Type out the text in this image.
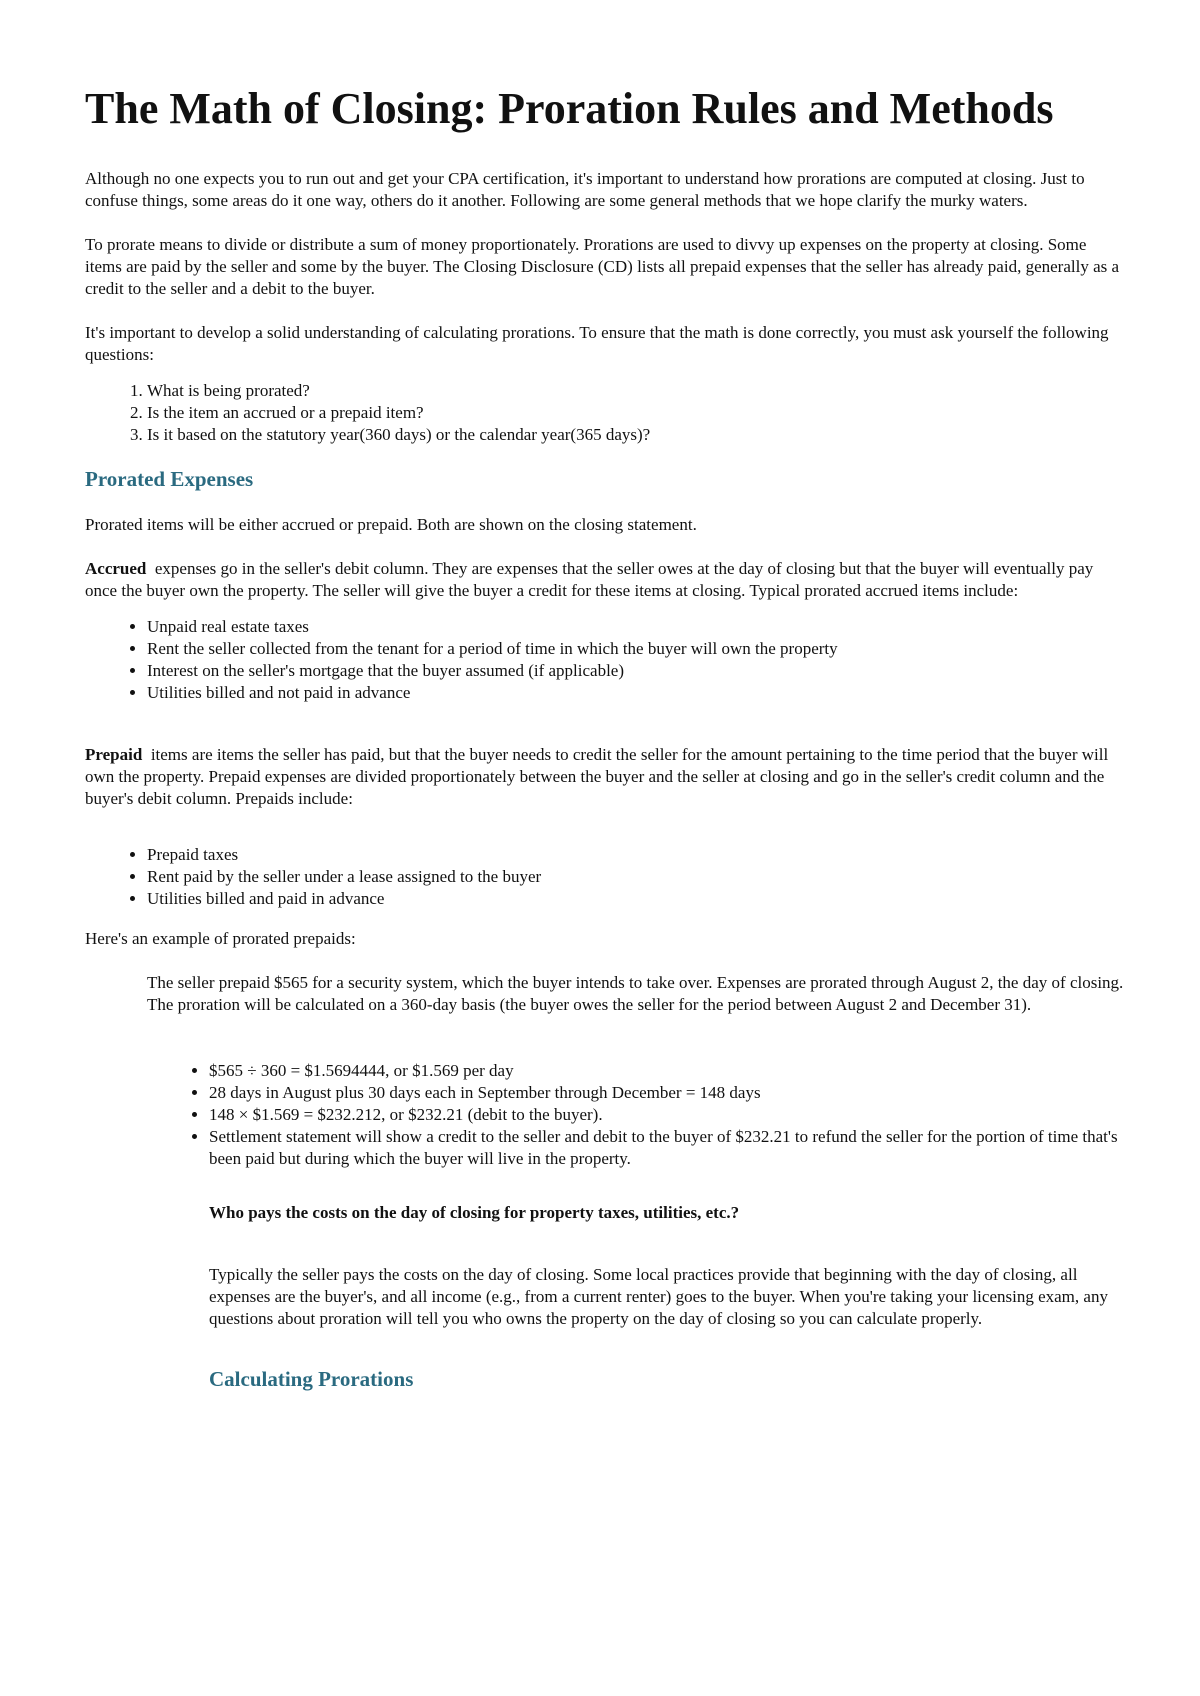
The Math of Closing: Proration Rules and Methods

Although no one expects you to run out and get your CPA certification, it's important to understand how prorations are computed at closing. Just to confuse things, some areas do it one way, others do it another. Following are some general methods that we hope clarify the murky waters.

To prorate means to divide or distribute a sum of money proportionately. Prorations are used to divvy up expenses on the property at closing. Some items are paid by the seller and some by the buyer. The Closing Disclosure (CD) lists all prepaid expenses that the seller has already paid, generally as a credit to the seller and a debit to the buyer.

It's important to develop a solid understanding of calculating prorations. To ensure that the math is done correctly, you must ask yourself the following questions:

1. What is being prorated?
2. Is the item an accrued or a prepaid item?
3. Is it based on the statutory year(360 days) or the calendar year(365 days)?
Prorated Expenses

Prorated items will be either accrued or prepaid. Both are shown on the closing statement.

Accrued  expenses go in the seller's debit column. They are expenses that the seller owes at the day of closing but that the buyer will eventually pay once the buyer own the property. The seller will give the buyer a credit for these items at closing. Typical prorated accrued items include:

• Unpaid real estate taxes
• Rent the seller collected from the tenant for a period of time in which the buyer will own the property
• Interest on the seller's mortgage that the buyer assumed (if applicable)
• Utilities billed and not paid in advance

Prepaid  items are items the seller has paid, but that the buyer needs to credit the seller for the amount pertaining to the time period that the buyer will own the property. Prepaid expenses are divided proportionately between the buyer and the seller at closing and go in the seller's credit column and the buyer's debit column. Prepaids include:

• Prepaid taxes
• Rent paid by the seller under a lease assigned to the buyer
• Utilities billed and paid in advance

Here's an example of prorated prepaids:

The seller prepaid $565 for a security system, which the buyer intends to take over. Expenses are prorated through August 2, the day of closing. The proration will be calculated on a 360-day basis (the buyer owes the seller for the period between August 2 and December 31).

• $565 ÷ 360 = $1.5694444, or $1.569 per day
• 28 days in August plus 30 days each in September through December = 148 days
• 148 × $1.569 = $232.212, or $232.21 (debit to the buyer).
• Settlement statement will show a credit to the seller and debit to the buyer of $232.21 to refund the seller for the portion of time that's been paid but during which the buyer will live in the property.

Who pays the costs on the day of closing for property taxes, utilities, etc.?

Typically the seller pays the costs on the day of closing. Some local practices provide that beginning with the day of closing, all expenses are the buyer's, and all income (e.g., from a current renter) goes to the buyer. When you're taking your licensing exam, any questions about proration will tell you who owns the property on the day of closing so you can calculate properly.

Calculating Prorations
